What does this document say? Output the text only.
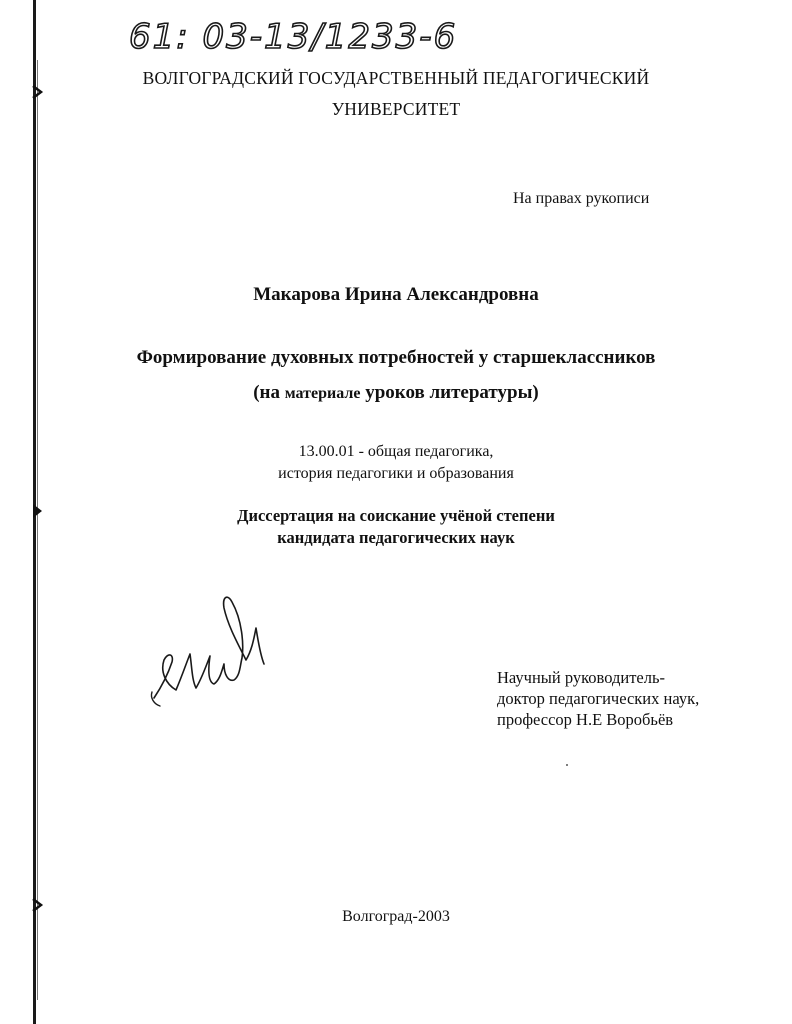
61: 03-13/1233-6
ВОЛГОГРАДСКИЙ ГОСУДАРСТВЕННЫЙ ПЕДАГОГИЧЕСКИЙ
УНИВЕРСИТЕТ
На правах рукописи
Макарова Ирина Александровна
Формирование духовных потребностей у старшеклассников
(на материале уроков литературы)
13.00.01 - общая педагогика,
история педагогики и образования
Диссертация на соискание учёной степени
кандидата педагогических наук
Научный руководитель-
доктор педагогических наук,
профессор Н.Е Воробьёв
Волгоград-2003
